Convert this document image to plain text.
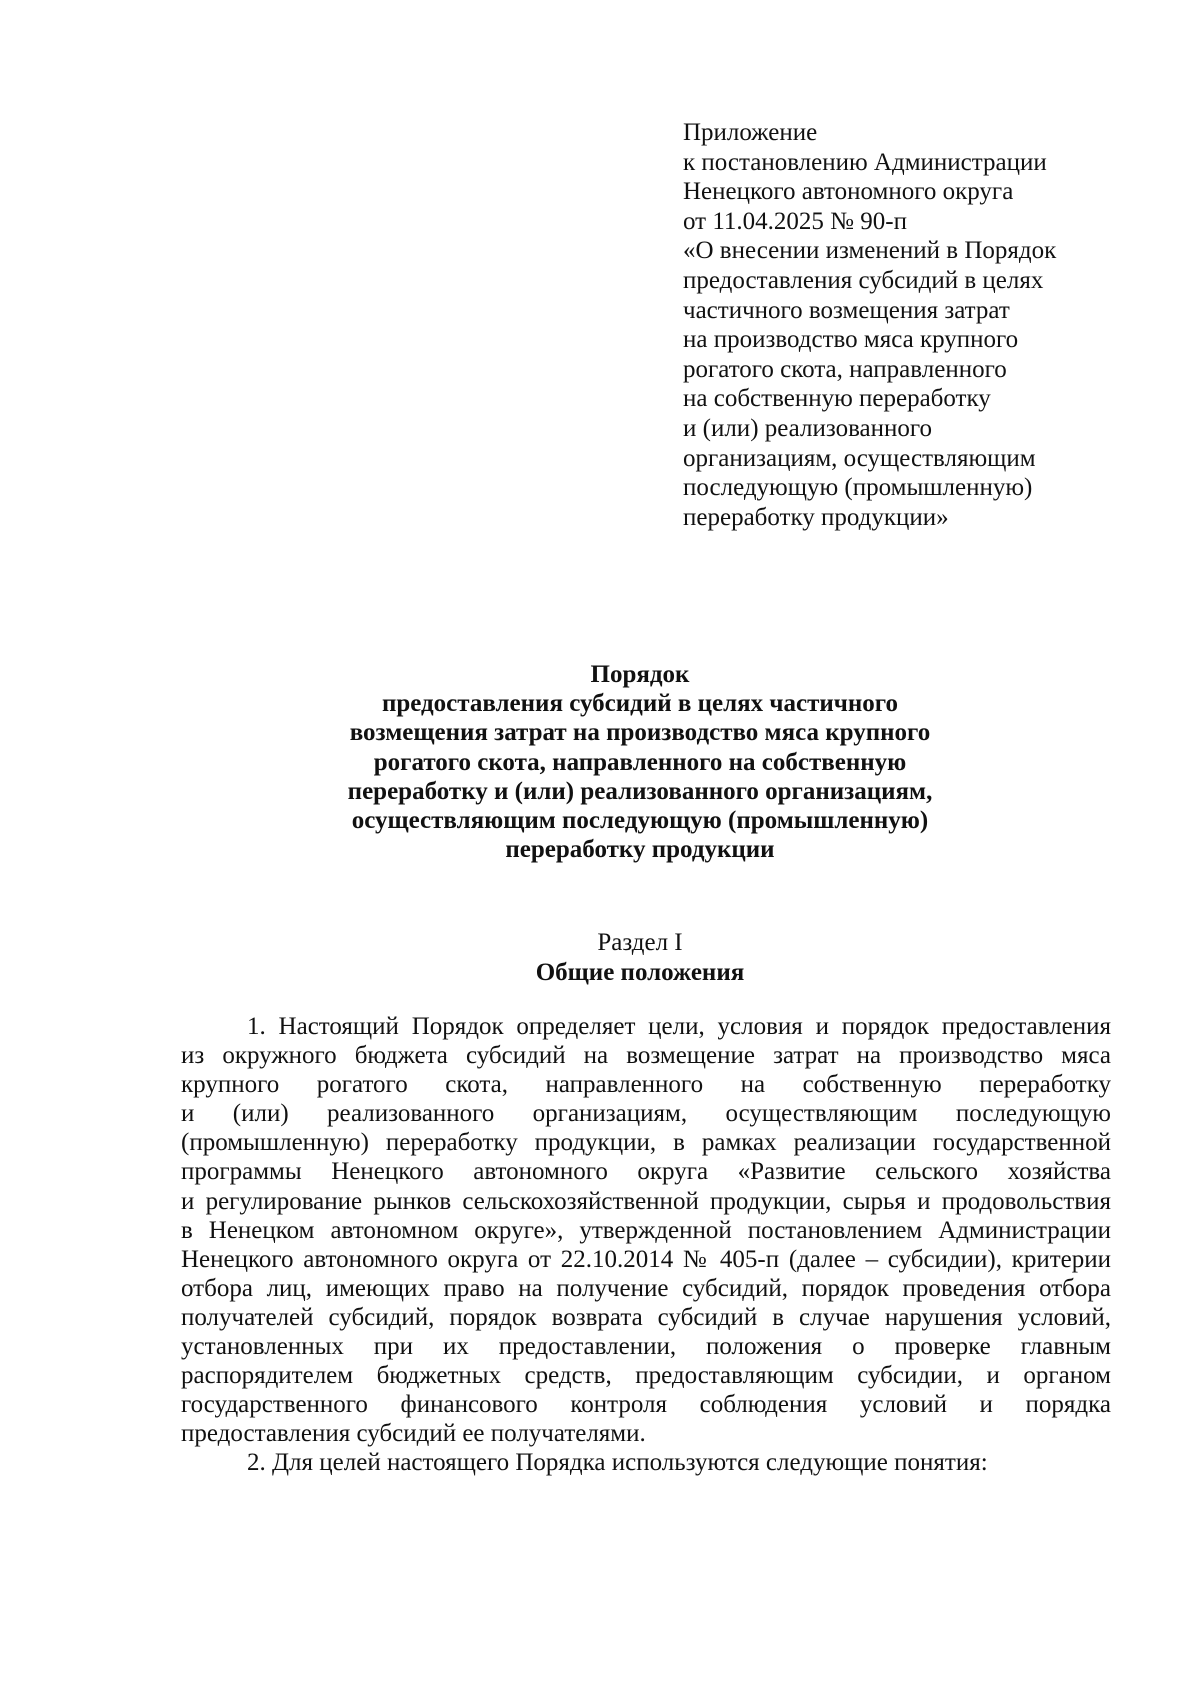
Приложение
к постановлению Администрации
Ненецкого автономного округа
от 11.04.2025 № 90-п
«О внесении изменений в Порядок
предоставления субсидий в целях
частичного возмещения затрат
на производство мяса крупного
рогатого скота, направленного
на собственную переработку
и (или) реализованного
организациям, осуществляющим
последующую (промышленную)
переработку продукции»
Порядок
предоставления субсидий в целях частичного
возмещения затрат на производство мяса крупного
рогатого скота, направленного на собственную
переработку и (или) реализованного организациям,
осуществляющим последующую (промышленную)
переработку продукции
Раздел I
Общие положения
1. Настоящий Порядок определяет цели, условия и порядок предоставления
из окружного бюджета субсидий на возмещение затрат на производство мяса
крупного рогатого скота, направленного на собственную переработку
и (или) реализованного организациям, осуществляющим последующую
(промышленную) переработку продукции, в рамках реализации государственной
программы Ненецкого автономного округа «Развитие сельского хозяйства
и регулирование рынков сельскохозяйственной продукции, сырья и продовольствия
в Ненецком автономном округе», утвержденной постановлением Администрации
Ненецкого автономного округа от 22.10.2014 № 405-п (далее – субсидии), критерии
отбора лиц, имеющих право на получение субсидий, порядок проведения отбора
получателей субсидий, порядок возврата субсидий в случае нарушения условий,
установленных при их предоставлении, положения о проверке главным
распорядителем бюджетных средств, предоставляющим субсидии, и органом
государственного финансового контроля соблюдения условий и порядка
предоставления субсидий ее получателями.
2. Для целей настоящего Порядка используются следующие понятия:
